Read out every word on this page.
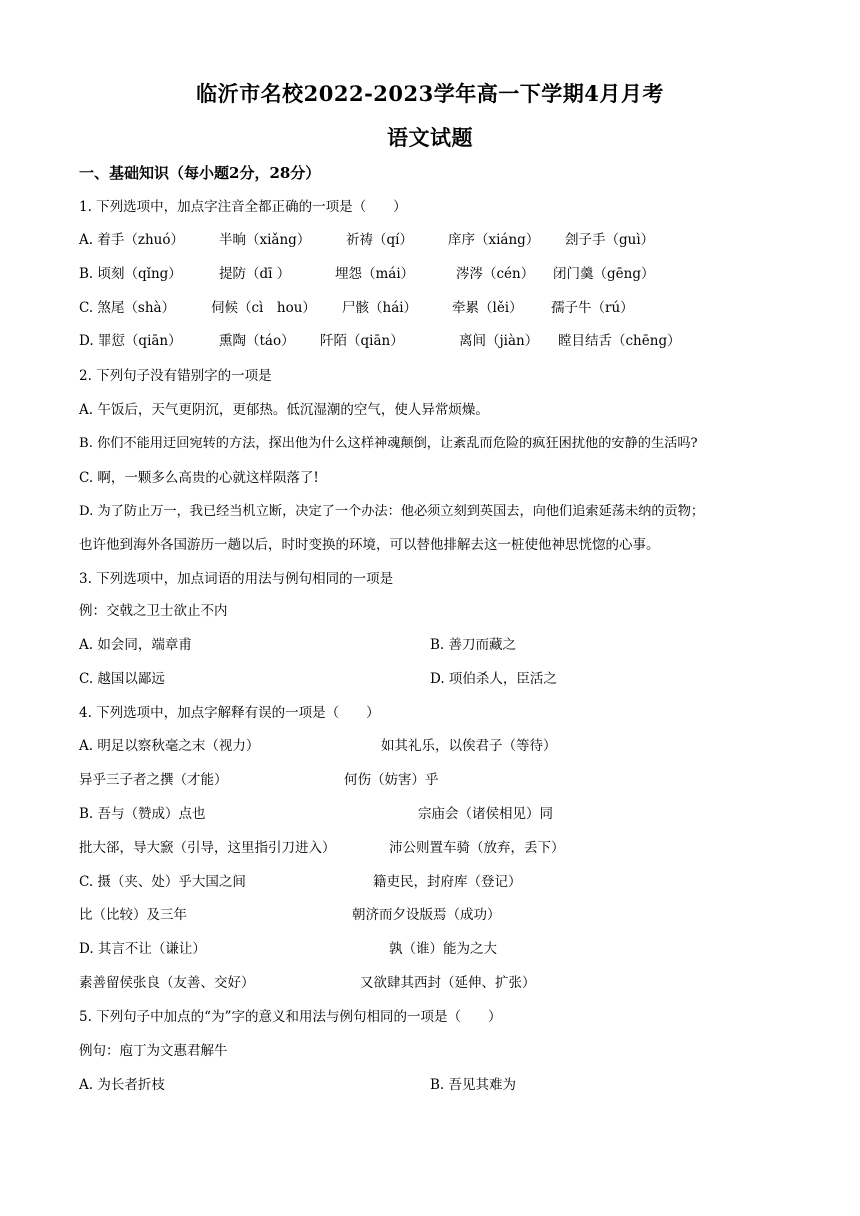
临沂市名校2022-2023学年高一下学期4月月考
语文试题
一、基础知识（每小题2分，28分）
1. 下列选项中，加点字注音全都正确的一项是（　　）
A. 着手（zhuó）	半晌（xiǎng）	祈祷（qí）	庠序（xiáng） 刽子手（guì）
B. 顷刻（qǐng）	提防（dī ）	埋怨（mái）	涔涔（cén） 闭门羹（gēng）
C. 煞尾（shà）	伺候（cì　hou） 尸骸（hái）	牵累（lěi） 孺子牛（rú）
D. 罪愆（qiān）	熏陶（táo） 阡陌（qiān）	离间（jiàn） 瞠目结舌（chēng）
2. 下列句子没有错别字的一项是
A. 午饭后，天气更阴沉，更郁热。低沉湿潮的空气，使人异常烦燥。
B. 你们不能用迂回宛转的方法，探出他为什么这样神魂颠倒，让紊乱而危险的疯狂困扰他的安静的生活吗?
C. 啊，一颗多么高贵的心就这样陨落了!
D. 为了防止万一，我已经当机立断，决定了一个办法：他必须立刻到英国去，向他们追索延荡未纳的贡物；
也许他到海外各国游历一趟以后，时时变换的环境，可以替他排解去这一桩使他神思恍惚的心事。
3. 下列选项中，加点词语的用法与例句相同的一项是
例：交戟之卫士欲止不内
A. 如会同，端章甫	B. 善刀而藏之
C. 越国以鄙远	D. 项伯杀人，臣活之
4. 下列选项中，加点字解释有误的一项是（　　）
A. 明足以察秋毫之末（视力）	如其礼乐，以俟君子（等待）
异乎三子者之撰（才能）	何伤（妨害）乎
B. 吾与（赞成）点也	宗庙会（诸侯相见）同
批大郤，导大窾（引导，这里指引刀进入）	沛公则置车骑（放弃，丢下）
C. 摄（夹、处）乎大国之间	籍吏民，封府库（登记）
比（比较）及三年	朝济而夕设版焉（成功）
D. 其言不让（谦让）	孰（谁）能为之大
素善留侯张良（友善、交好）	又欲肆其西封（延伸、扩张）
5. 下列句子中加点的“为”字的意义和用法与例句相同的一项是（　　）
例句：庖丁为文惠君解牛
A. 为长者折枝	B. 吾见其难为
